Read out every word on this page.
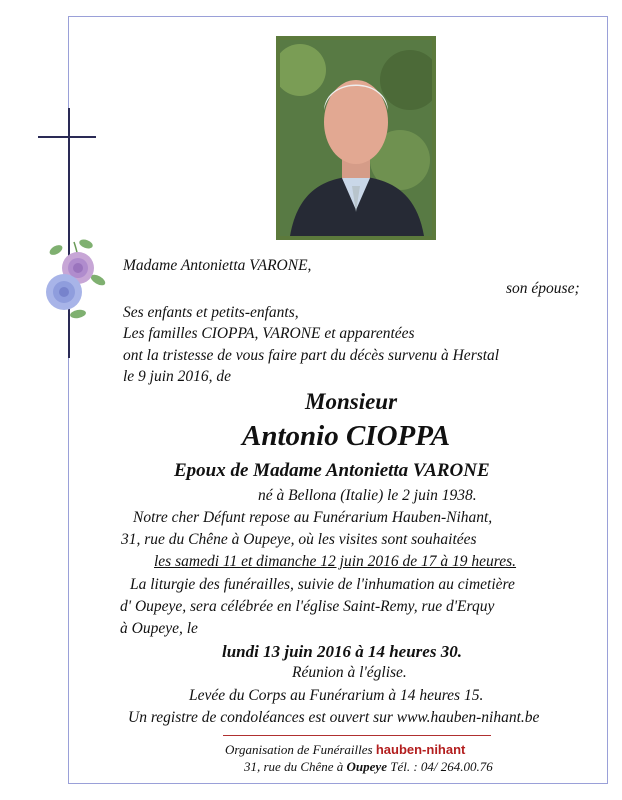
Madame Antonietta VARONE,
son épouse;
Ses enfants et petits-enfants,
Les familles CIOPPA, VARONE et apparentées
ont la tristesse de vous faire part du décès survenu à Herstal
le 9 juin 2016, de
Monsieur
Antonio CIOPPA
Epoux de Madame Antonietta VARONE
né à Bellona (Italie) le 2 juin 1938.
Notre cher Défunt repose au Funérarium Hauben-Nihant,
31, rue du Chêne à Oupeye, où les visites sont souhaitées
les samedi 11 et dimanche 12 juin 2016 de 17 à 19 heures.
La liturgie des funérailles, suivie de l'inhumation au cimetière
d' Oupeye, sera célébrée en l'église Saint-Remy, rue d'Erquy
à Oupeye, le
lundi 13 juin 2016 à 14 heures 30.
Réunion à l'église.
Levée du Corps au Funérarium à 14 heures 15.
Un registre de condoléances est ouvert sur www.hauben-nihant.be
Organisation de Funérailles hauben-nihant
31, rue du Chêne à Oupeye Tél. : 04/ 264.00.76
